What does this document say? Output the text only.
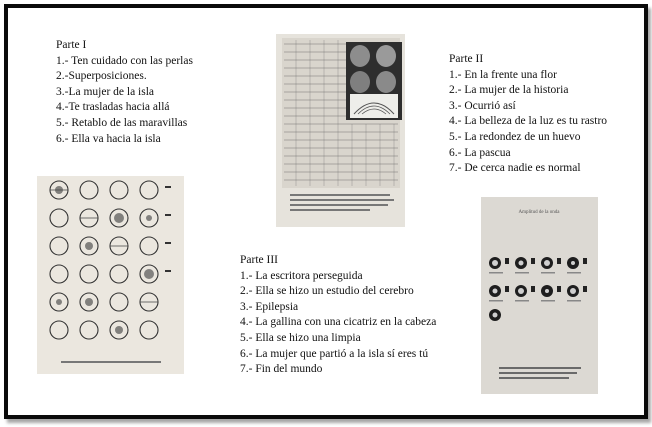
Parte I
1.- Ten cuidado con las perlas
2.-Superposiciones.
3.-La mujer de la isla
4.-Te trasladas hacia allá
5.- Retablo de las maravillas
6.- Ella va hacia la isla
Parte II
1.- En la frente una flor
2.- La mujer de la historia
3.- Ocurrió así
4.- La belleza de la luz es tu rastro
5.- La redondez de un huevo
6.- La pascua
7.- De cerca nadie es normal
Parte III
1.- La escritora perseguida
2.- Ella se hizo un estudio del cerebro
3.- Epilepsia
4.- La gallina con una cicatriz en la cabeza
5.- Ella se hizo una limpia
6.- La mujer que partió a la isla sí eres tú
7.- Fin del mundo
Amplitud de la onda
